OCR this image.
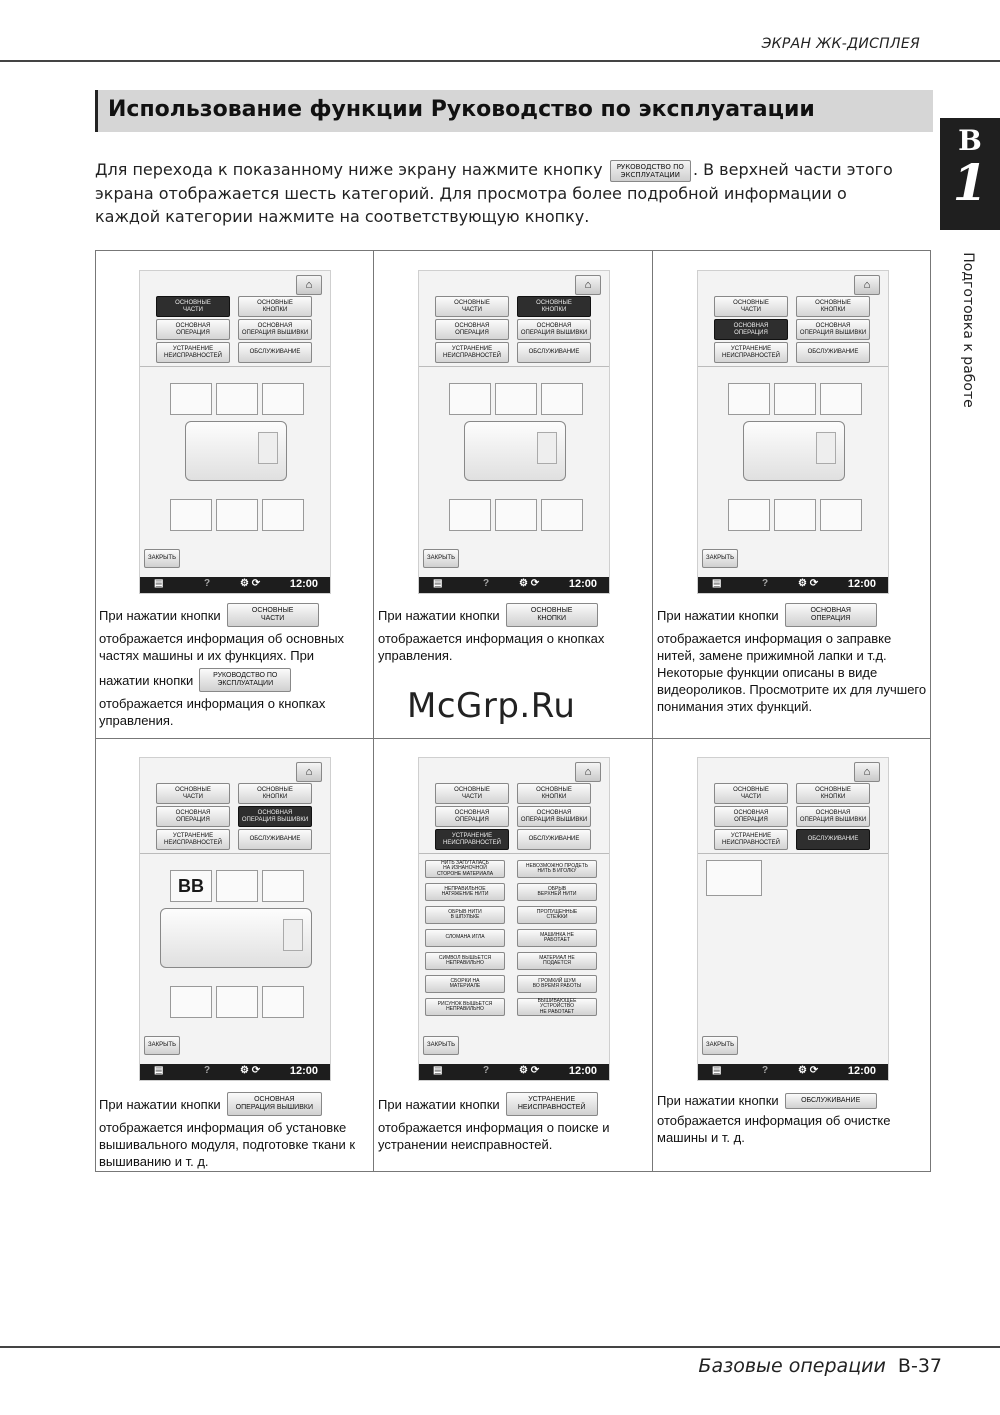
ЭКРАН ЖК-ДИСПЛЕЯ
Использование функции Руководство по эксплуатации
B
1
Подготовка к работе
Для перехода к показанному ниже экрану нажмите кнопку РУКОВОДСТВО ПО
ЭКСПЛУАТАЦИИ . В верхней части этого экрана отображается шесть категорий. Для просмотра более подробной информации о каждой категории нажмите на соответствующую кнопку.
⌂
ОСНОВНЫЕ
ЧАСТИ
ОСНОВНЫЕ
КНОПКИ
ОСНОВНАЯ
ОПЕРАЦИЯ
ОСНОВНАЯ
ОПЕРАЦИЯ ВЫШИВКИ
УСТРАНЕНИЕ
НЕИСПРАВНОСТЕЙ
ОБСЛУЖИВАНИЕ
ЗАКРЫТЬ
▤	?	⚙ ⟳	12:00
⌂
ОСНОВНЫЕ
ЧАСТИ
ОСНОВНЫЕ
КНОПКИ
ОСНОВНАЯ
ОПЕРАЦИЯ
ОСНОВНАЯ
ОПЕРАЦИЯ ВЫШИВКИ
УСТРАНЕНИЕ
НЕИСПРАВНОСТЕЙ
ОБСЛУЖИВАНИЕ
ЗАКРЫТЬ
▤	?	⚙ ⟳	12:00
⌂
ОСНОВНЫЕ
ЧАСТИ
ОСНОВНЫЕ
КНОПКИ
ОСНОВНАЯ
ОПЕРАЦИЯ
ОСНОВНАЯ
ОПЕРАЦИЯ ВЫШИВКИ
УСТРАНЕНИЕ
НЕИСПРАВНОСТЕЙ
ОБСЛУЖИВАНИЕ
ЗАКРЫТЬ
▤	?	⚙ ⟳	12:00
⌂
ОСНОВНЫЕ
ЧАСТИ
ОСНОВНЫЕ
КНОПКИ
ОСНОВНАЯ
ОПЕРАЦИЯ
ОСНОВНАЯ
ОПЕРАЦИЯ ВЫШИВКИ
УСТРАНЕНИЕ
НЕИСПРАВНОСТЕЙ
ОБСЛУЖИВАНИЕ
BB
ЗАКРЫТЬ
▤	?	⚙ ⟳	12:00
⌂
ОСНОВНЫЕ
ЧАСТИ
ОСНОВНЫЕ
КНОПКИ
ОСНОВНАЯ
ОПЕРАЦИЯ
ОСНОВНАЯ
ОПЕРАЦИЯ ВЫШИВКИ
УСТРАНЕНИЕ
НЕИСПРАВНОСТЕЙ
ОБСЛУЖИВАНИЕ
НИТЬ ЗАПУТАЛАСЬ
НА ИЗНАНОЧНОЙ
СТОРОНЕ МАТЕРИАЛА
НЕВОЗМОЖНО ПРОДЕТЬ
НИТЬ В ИГОЛКУ
НЕПРАВИЛЬНОЕ
НАТЯЖЕНИЕ НИТИ
ОБРЫВ
ВЕРХНЕЙ НИТИ
ОБРЫВ НИТИ
В ШПУЛЬКЕ
ПРОПУЩЕННЫЕ
СТЕЖКИ
СЛОМАНА ИГЛА	МАШИНКА НЕ
РАБОТАЕТ
СИМВОЛ ВЫШЬЕТСЯ
НЕПРАВИЛЬНО
МАТЕРИАЛ НЕ
ПОДАЕТСЯ
СБОРКИ НА
МАТЕРИАЛЕ
ГРОМКИЙ ШУМ
ВО ВРЕМЯ РАБОТЫ
РИСУНОК ВЫШЬЕТСЯ
НЕПРАВИЛЬНО
ВЫШИВАЮЩЕЕ
УСТРОЙСТВО
НЕ РАБОТАЕТ
ЗАКРЫТЬ
▤	?	⚙ ⟳	12:00
⌂
ОСНОВНЫЕ
ЧАСТИ
ОСНОВНЫЕ
КНОПКИ
ОСНОВНАЯ
ОПЕРАЦИЯ
ОСНОВНАЯ
ОПЕРАЦИЯ ВЫШИВКИ
УСТРАНЕНИЕ
НЕИСПРАВНОСТЕЙ
ОБСЛУЖИВАНИЕ
ЗАКРЫТЬ
▤	?	⚙ ⟳	12:00
При нажатии кнопки	ОСНОВНЫЕ
ЧАСТИ

отображается информация об основных частях машины и их функциях. При

нажатии кнопки	РУКОВОДСТВО ПО
ЭКСПЛУАТАЦИИ

отображается информация о кнопках управления.

При нажатии кнопки	ОСНОВНЫЕ
КНОПКИ

отображается информация о кнопках управления.

При нажатии кнопки	ОСНОВНАЯ
ОПЕРАЦИЯ

отображается информация о заправке нитей, замене прижимной лапки и т.д. Некоторые функции описаны в виде видеороликов. Просмотрите их для лучшего понимания этих функций.

При нажатии кнопки	ОСНОВНАЯ
ОПЕРАЦИЯ ВЫШИВКИ

отображается информация об установке вышивального модуля, подготовке ткани к вышиванию и т. д.

При нажатии кнопки	УСТРАНЕНИЕ
НЕИСПРАВНОСТЕЙ

отображается информация о поиске и устранении неисправностей.

При нажатии кнопки	ОБСЛУЖИВАНИЕ

отображается информация об очистке машины и т. д.

McGrp.Ru
Базовые операции B-37
